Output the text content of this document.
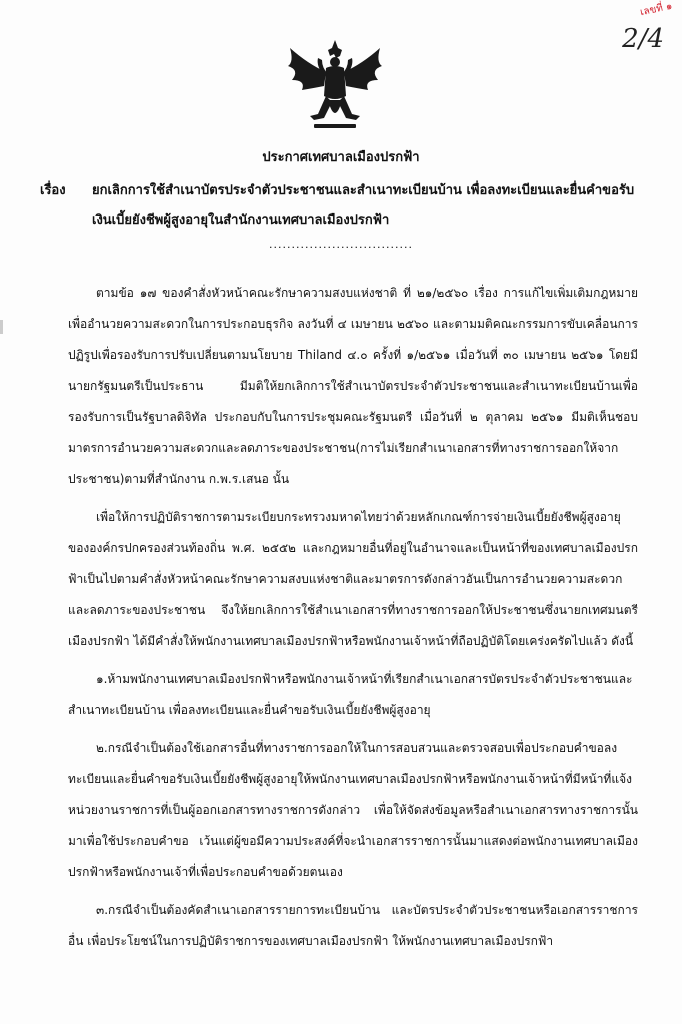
เลขที่ ๑
2/4
ประกาศเทศบาลเมืองปรกฟ้า
เรื่อง ยกเลิกการใช้สำเนาบัตรประจำตัวประชาชนและสำเนาทะเบียนบ้าน เพื่อลงทะเบียนและยื่นคำขอรับเงินเบี้ยยังชีพผู้สูงอายุในสำนักงานเทศบาลเมืองปรกฟ้า
................................

ตามข้อ ๑๗ ของคำสั่งหัวหน้าคณะรักษาความสงบแห่งชาติ ที่ ๒๑/๒๕๖๐ เรื่อง การแก้ไขเพิ่มเติมกฎหมายเพื่ออำนวยความสะดวกในการประกอบธุรกิจ ลงวันที่ ๔ เมษายน ๒๕๖๐ และตามมติคณะกรรมการขับเคลื่อนการปฏิรูปเพื่อรองรับการปรับเปลี่ยนตามนโยบาย Thiland ๔.๐ ครั้งที่ ๑/๒๕๖๑ เมื่อวันที่ ๓๐ เมษายน ๒๕๖๑ โดยมีนายกรัฐมนตรีเป็นประธาน มีมติให้ยกเลิกการใช้สำเนาบัตรประจำตัวประชาชนและสำเนาทะเบียนบ้านเพื่อรองรับการเป็นรัฐบาลดิจิทัล ประกอบกับในการประชุมคณะรัฐมนตรี เมื่อวันที่ ๒ ตุลาคม ๒๕๖๑ มีมติเห็นชอบมาตรการอำนวยความสะดวกและลดภาระของประชาชน(การไม่เรียกสำเนาเอกสารที่ทางราชการออกให้จากประชาชน)ตามที่สำนักงาน ก.พ.ร.เสนอ นั้น

เพื่อให้การปฏิบัติราชการตามระเบียบกระทรวงมหาดไทยว่าด้วยหลักเกณฑ์การจ่ายเงินเบี้ยยังชีพผู้สูงอายุขององค์กรปกครองส่วนท้องถิ่น พ.ศ. ๒๕๕๒ และกฎหมายอื่นที่อยู่ในอำนาจและเป็นหน้าที่ของเทศบาลเมืองปรกฟ้าเป็นไปตามคำสั่งหัวหน้าคณะรักษาความสงบแห่งชาติและมาตรการดังกล่าวอันเป็นการอำนวยความสะดวกและลดภาระของประชาชน จึงให้ยกเลิกการใช้สำเนาเอกสารที่ทางราชการออกให้ประชาชนซึ่งนายกเทศมนตรีเมืองปรกฟ้า ได้มีคำสั่งให้พนักงานเทศบาลเมืองปรกฟ้าหรือพนักงานเจ้าหน้าที่ถือปฏิบัติโดยเคร่งครัดไปแล้ว ดังนี้

๑.ห้ามพนักงานเทศบาลเมืองปรกฟ้าหรือพนักงานเจ้าหน้าที่เรียกสำเนาเอกสารบัตรประจำตัวประชาชนและสำเนาทะเบียนบ้าน เพื่อลงทะเบียนและยื่นคำขอรับเงินเบี้ยยังชีพผู้สูงอายุ

๒.กรณีจำเป็นต้องใช้เอกสารอื่นที่ทางราชการออกให้ในการสอบสวนและตรวจสอบเพื่อประกอบคำขอลงทะเบียนและยื่นคำขอรับเงินเบี้ยยังชีพผู้สูงอายุให้พนักงานเทศบาลเมืองปรกฟ้าหรือพนักงานเจ้าหน้าที่มีหน้าที่แจ้งหน่วยงานราชการที่เป็นผู้ออกเอกสารทางราชการดังกล่าว เพื่อให้จัดส่งข้อมูลหรือสำเนาเอกสารทางราชการนั้นมาเพื่อใช้ประกอบคำขอ เว้นแต่ผู้ขอมีความประสงค์ที่จะนำเอกสารราชการนั้นมาแสดงต่อพนักงานเทศบาลเมืองปรกฟ้าหรือพนักงานเจ้าที่เพื่อประกอบคำขอด้วยตนเอง

๓.กรณีจำเป็นต้องคัดสำเนาเอกสารรายการทะเบียนบ้าน และบัตรประจำตัวประชาชนหรือเอกสารราชการอื่น เพื่อประโยชน์ในการปฏิบัติราชการของเทศบาลเมืองปรกฟ้า ให้พนักงานเทศบาลเมืองปรกฟ้า
